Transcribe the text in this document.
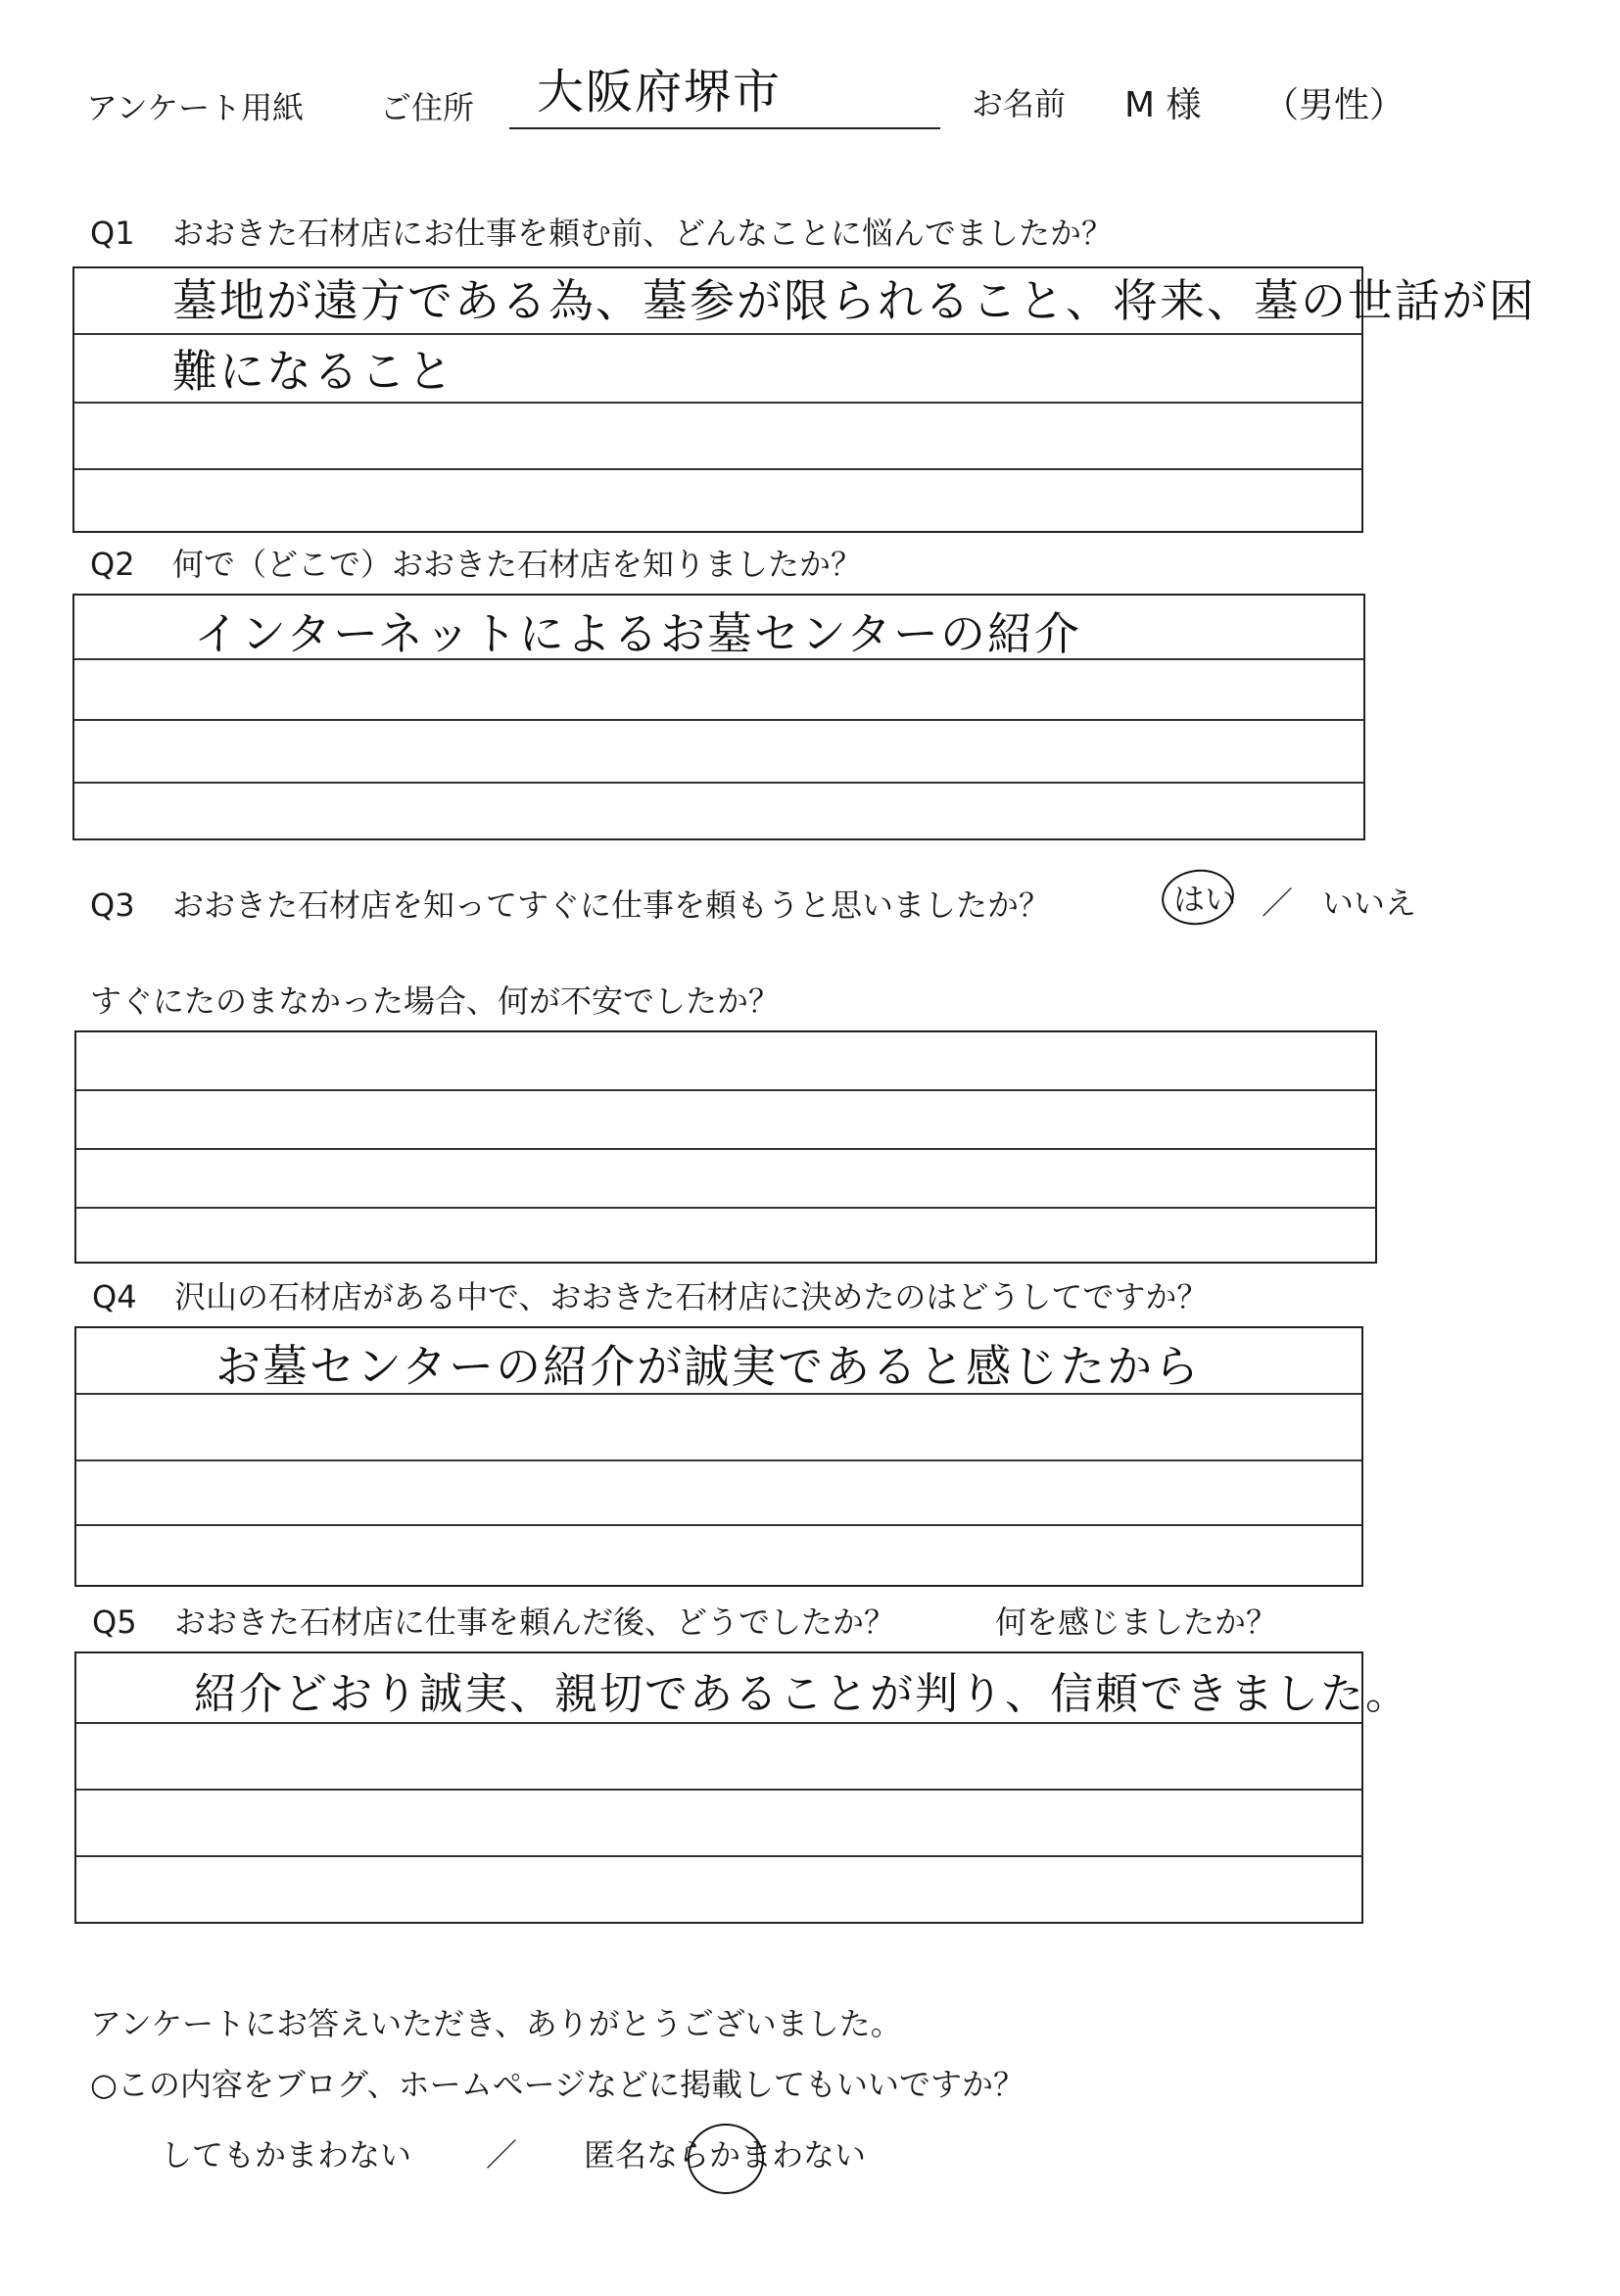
アンケート用紙 ご住所 大阪府堺市	お名前 M 様 （男性）
Q1 おおきた石材店にお仕事を頼む前、どんなことに悩んでましたか？
墓地が遠方である為、墓参が限られること、将来、墓の世話が困
難になること
Q2 何で（どこで）おおきた石材店を知りましたか？
インターネットによるお墓センターの紹介
Q3 おおきた石材店を知ってすぐに仕事を頼もうと思いましたか？	はい ／ いいえ
すぐにたのまなかった場合、何が不安でしたか？
Q4 沢山の石材店がある中で、おおきた石材店に決めたのはどうしてですか？
お墓センターの紹介が誠実であると感じたから
Q5 おおきた石材店に仕事を頼んだ後、どうでしたか？	何を感じましたか？
紹介どおり誠実、親切であることが判り、信頼できました。
アンケートにお答えいただき、ありがとうございました。
○この内容をブログ、ホームページなどに掲載してもいいですか？
してもかまわない ／ 匿名ならかまわない
